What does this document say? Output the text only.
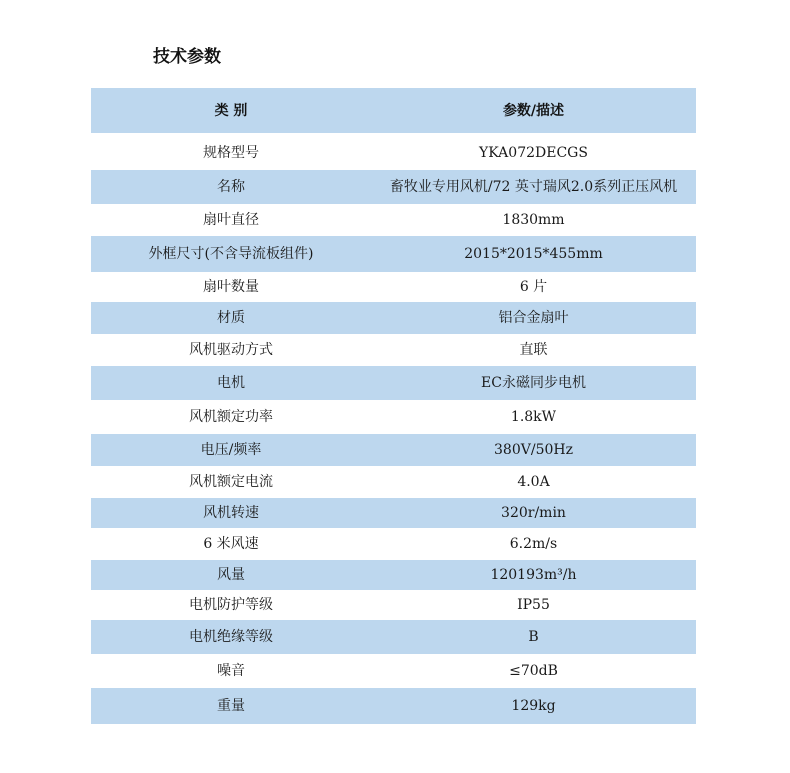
技术参数
类 别	参数/描述
规格型号	YKA072DECGS
名称	畜牧业专用风机/72 英寸瑞风2.0系列正压风机
扇叶直径	1830mm
外框尺寸(不含导流板组件)	2015*2015*455mm
扇叶数量	6 片
材质	铝合金扇叶
风机驱动方式	直联
电机	EC永磁同步电机
风机额定功率	1.8kW
电压/频率	380V/50Hz
风机额定电流	4.0A
风机转速	320r/min
6 米风速	6.2m/s
风量	120193m³/h
电机防护等级	IP55
电机绝缘等级	B
噪音	≤70dB
重量	129kg
